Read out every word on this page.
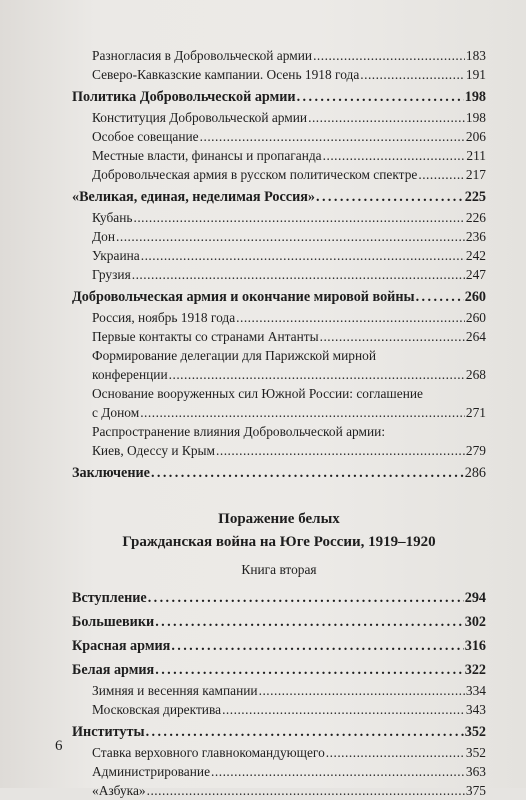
Разногласия в Добровольческой армии .....	183
Северо-Кавказские кампании. Осень 1918 года .....	191
Политика Добровольческой армии .....	198
Конституция Добровольческой армии .....	198
Особое совещание .....	206
Местные власти, финансы и пропаганда .....	211
Добровольческая армия в русском политическом спектре .....	217
«Великая, единая, неделимая Россия» .....	225
Кубань .....	226
Дон .....	236
Украина .....	242
Грузия .....	247
Добровольческая армия и окончание мировой войны .....	260
Россия, ноябрь 1918 года .....	260
Первые контакты со странами Антанты .....	264
Формирование делегации для Парижской мирной
конференции .....	268
Основание вооруженных сил Южной России: соглашение
с Доном .....	271
Распространение влияния Добровольческой армии:
Киев, Одессу и Крым .....	279
Заключение .....	286
Поражение белых
Гражданская война на Юге России, 1919–1920
Книга вторая
Вступление .....	294
Большевики .....	302
Красная армия .....	316
Белая армия .....	322
Зимняя и весенняя кампании .....	334
Московская директива .....	343
Институты .....	352
Ставка верховного главнокомандующего .....	352
Администрирование .....	363
«Азбука» .....	375
6
